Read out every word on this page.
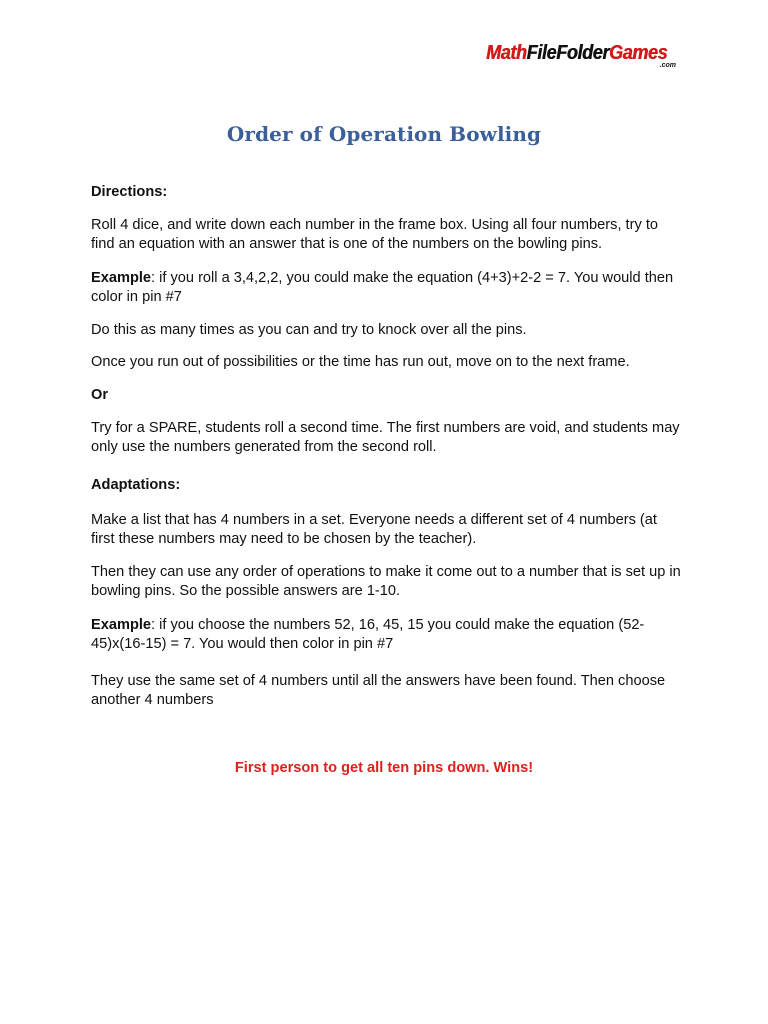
MathFileFolderGames
.com
Order of Operation Bowling

Directions:

Roll 4 dice, and write down each number in the frame box. Using all four numbers, try to find an equation with an answer that is one of the numbers on the bowling pins.

Example: if you roll a 3,4,2,2, you could make the equation (4+3)+2-2 = 7. You would then color in pin #7

Do this as many times as you can and try to knock over all the pins.

Once you run out of possibilities or the time has run out, move on to the next frame.

Or

Try for a SPARE, students roll a second time. The first numbers are void, and students may only use the numbers generated from the second roll.

Adaptations:

Make a list that has 4 numbers in a set. Everyone needs a different set of 4 numbers (at first these numbers may need to be chosen by the teacher).

Then they can use any order of operations to make it come out to a number that is set up in bowling pins. So the possible answers are 1-10.

Example: if you choose the numbers 52, 16, 45, 15 you could make the equation (52-45)x(16-15) = 7. You would then color in pin #7

They use the same set of 4 numbers until all the answers have been found. Then choose another 4 numbers

First person to get all ten pins down. Wins!
